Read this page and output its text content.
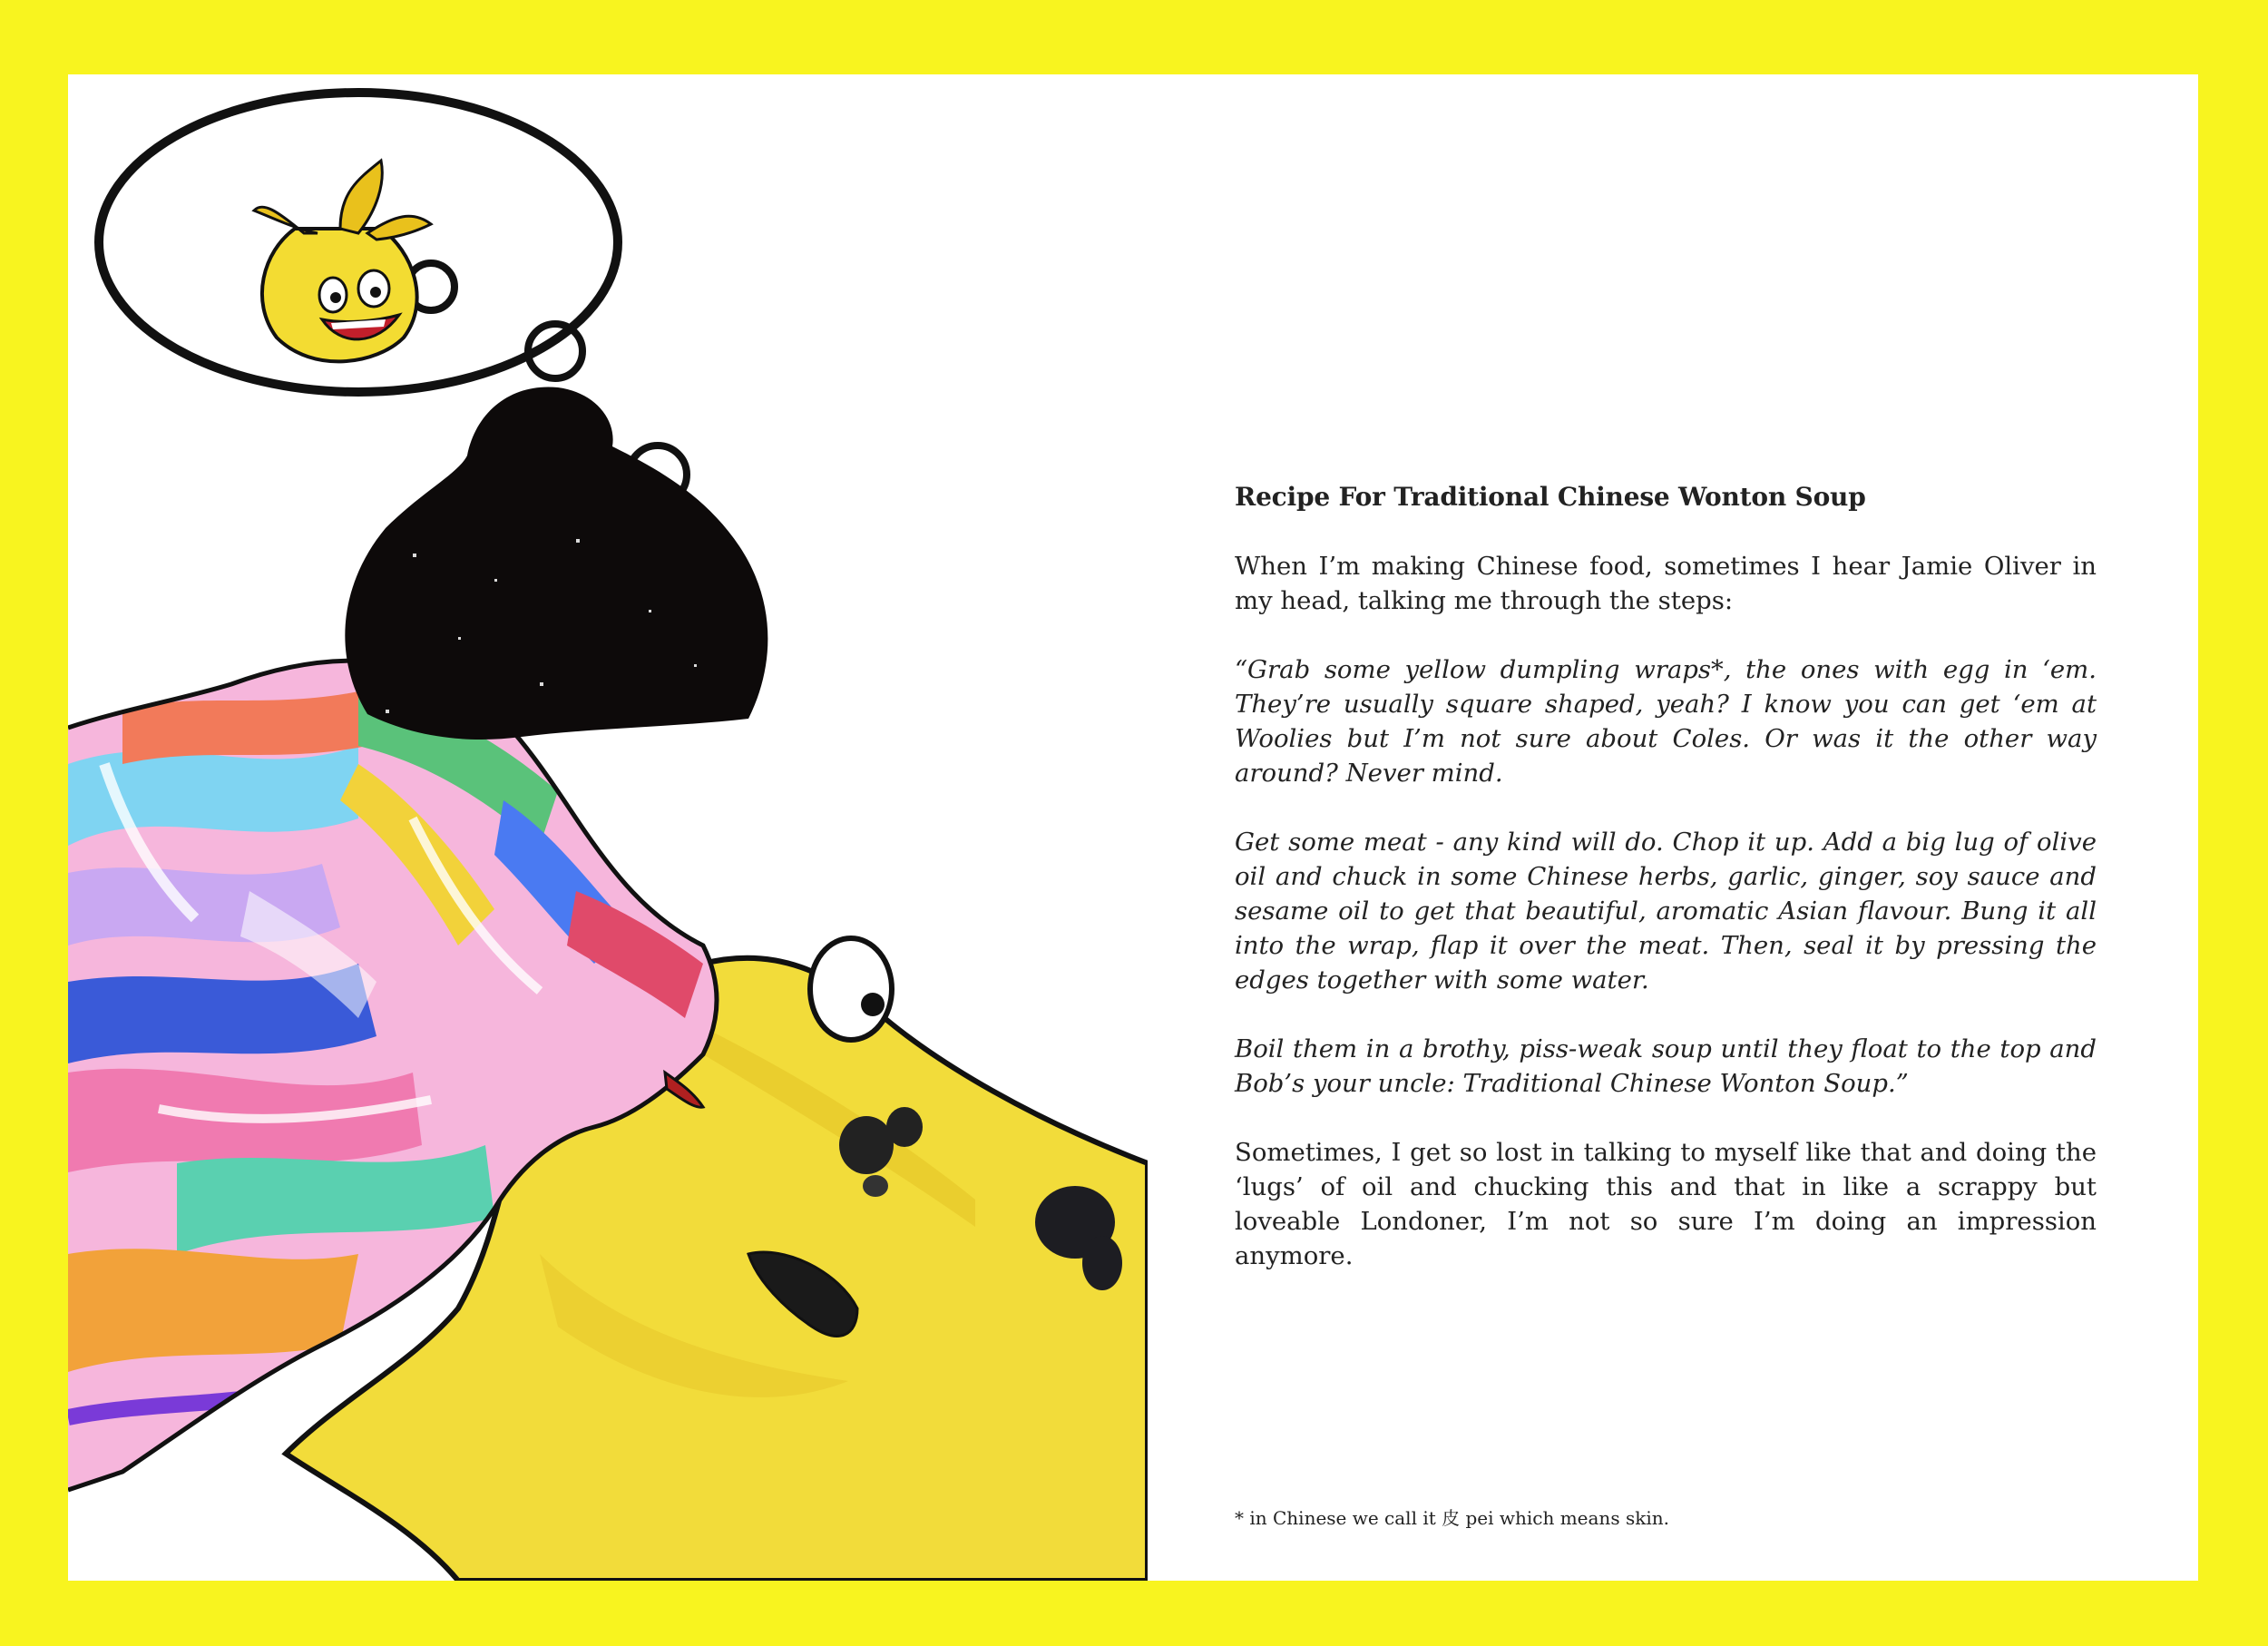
Recipe For Traditional Chinese Wonton Soup

When I’m making Chinese food, sometimes I hear Jamie Oliver in my head, talking me through the steps:

“Grab some yellow dumpling wraps*, the ones with egg in ‘em. They’re usually square shaped, yeah? I know you can get ‘em at Woolies but I’m not sure about Coles. Or was it the other way around? Never mind.

Get some meat - any kind will do. Chop it up. Add a big lug of olive oil and chuck in some Chinese herbs, garlic, ginger, soy sauce and sesame oil to get that beautiful, aromatic Asian flavour. Bung it all into the wrap, flap it over the meat. Then, seal it by pressing the edges together with some water.

Boil them in a brothy, piss-weak soup until they float to the top and Bob’s your uncle: Traditional Chinese Wonton Soup.”

Sometimes, I get so lost in talking to myself like that and doing the ‘lugs’ of oil and chucking this and that in like a scrappy but loveable Londoner, I’m not so sure I’m doing an impression anymore.

* in Chinese we call it 皮 pei which means skin.
